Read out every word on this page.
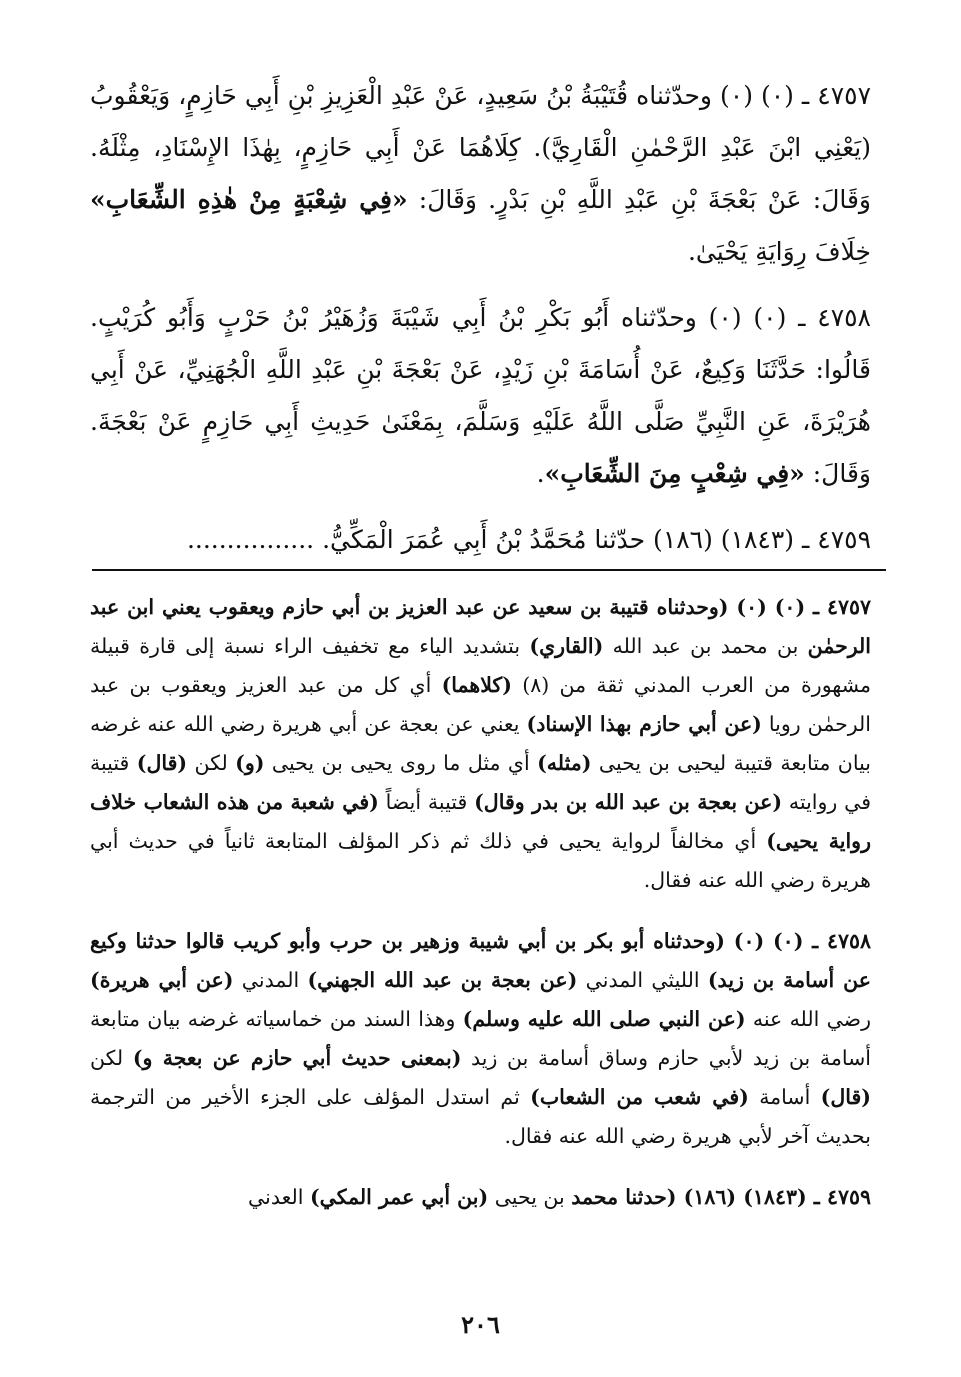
٤٧٥٧ ـ (٠) (٠) وحدّثناه قُتَيْبَةُ بْنُ سَعِيدٍ، عَنْ عَبْدِ الْعَزِيزِ بْنِ أَبِي حَازِمٍ، وَيَعْقُوبُ (يَعْنِي ابْنَ عَبْدِ الرَّحْمٰنِ الْقَارِيَّ). كِلَاهُمَا عَنْ أَبِي حَازِمٍ، بِهٰذَا الإِسْنَادِ، مِثْلَهُ. وَقَالَ: عَنْ بَعْجَةَ بْنِ عَبْدِ اللَّهِ بْنِ بَدْرٍ. وَقَالَ: «فِي شِعْبَةٍ مِنْ هٰذِهِ الشِّعَابِ» خِلَافَ رِوَايَةِ يَحْيَىٰ.

٤٧٥٨ ـ (٠) (٠) وحدّثناه أَبُو بَكْرِ بْنُ أَبِي شَيْبَةَ وَزُهَيْرُ بْنُ حَرْبٍ وَأَبُو كُرَيْبٍ. قَالُوا: حَدَّثَنَا وَكِيعٌ، عَنْ أُسَامَةَ بْنِ زَيْدٍ، عَنْ بَعْجَةَ بْنِ عَبْدِ اللَّهِ الْجُهَنِيِّ، عَنْ أَبِي هُرَيْرَةَ، عَنِ النَّبِيِّ صَلَّى اللَّهُ عَلَيْهِ وَسَلَّمَ، بِمَعْنَىٰ حَدِيثِ أَبِي حَازِمٍ عَنْ بَعْجَةَ. وَقَالَ: «فِي شِعْبٍ مِنَ الشِّعَابِ».

٤٧٥٩ ـ (١٨٤٣) (١٨٦) حدّثنا مُحَمَّدُ بْنُ أَبِي عُمَرَ الْمَكِّيُّ. ................

٤٧٥٧ ـ (٠) (٠) (وحدثناه قتيبة بن سعيد عن عبد العزيز بن أبي حازم ويعقوب يعني ابن عبد الرحمٰن بن محمد بن عبد الله (القاري) بتشديد الياء مع تخفيف الراء نسبة إلى قارة قبيلة مشهورة من العرب المدني ثقة من (٨) (كلاهما) أي كل من عبد العزيز ويعقوب بن عبد الرحمٰن رويا (عن أبي حازم بهذا الإسناد) يعني عن بعجة عن أبي هريرة رضي الله عنه غرضه بيان متابعة قتيبة ليحيى بن يحيى (مثله) أي مثل ما روى يحيى بن يحيى (و) لكن (قال) قتيبة في روايته (عن بعجة بن عبد الله بن بدر وقال) قتيبة أيضاً (في شعبة من هذه الشعاب خلاف رواية يحيى) أي مخالفاً لرواية يحيى في ذلك ثم ذكر المؤلف المتابعة ثانياً في حديث أبي هريرة رضي الله عنه فقال.

٤٧٥٨ ـ (٠) (٠) (وحدثناه أبو بكر بن أبي شيبة وزهير بن حرب وأبو كريب قالوا حدثنا وكيع عن أسامة بن زيد) الليثي المدني (عن بعجة بن عبد الله الجهني) المدني (عن أبي هريرة) رضي الله عنه (عن النبي صلى الله عليه وسلم) وهذا السند من خماسياته غرضه بيان متابعة أسامة بن زيد لأبي حازم وساق أسامة بن زيد (بمعنى حديث أبي حازم عن بعجة و) لكن (قال) أسامة (في شعب من الشعاب) ثم استدل المؤلف على الجزء الأخير من الترجمة بحديث آخر لأبي هريرة رضي الله عنه فقال.

٤٧٥٩ ـ (١٨٤٣) (١٨٦) (حدثنا محمد بن يحيى (بن أبي عمر المكي) العدني

٢٠٦
